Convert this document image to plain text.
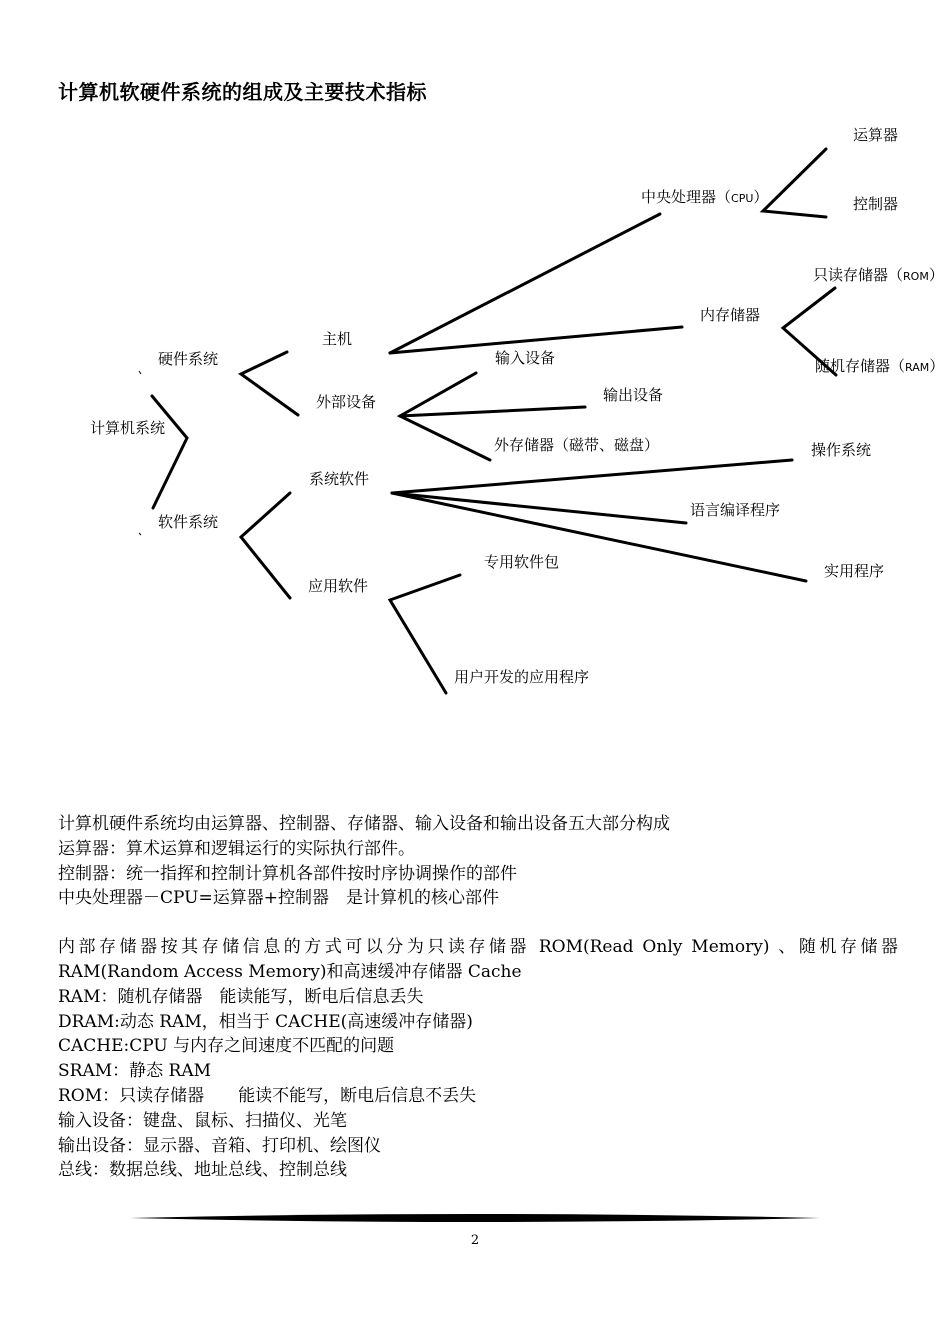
计算机软硬件系统的组成及主要技术指标
计算机系统
硬件系统
软件系统
主机
外部设备
中央处理器（CPU）
运算器
控制器
内存储器
只读存储器（ROM）
随机存储器（RAM）
输入设备
输出设备
外存储器（磁带、磁盘）
系统软件
操作系统
语言编译程序
实用程序
应用软件
专用软件包
用户开发的应用程序

计算机硬件系统均由运算器、控制器、存储器、输入设备和输出设备五大部分构成

运算器：算术运算和逻辑运行的实际执行部件。

控制器：统一指挥和控制计算机各部件按时序协调操作的部件

中央处理器－CPU=运算器+控制器　是计算机的核心部件

内部存储器按其存储信息的方式可以分为只读存储器 ROM(Read Only Memory) 、随机存储器 RAM(Random Access Memory)和高速缓冲存储器 Cache

RAM：随机存储器　能读能写，断电后信息丢失

DRAM:动态 RAM，相当于 CACHE(高速缓冲存储器)

CACHE:CPU 与内存之间速度不匹配的问题

SRAM：静态 RAM

ROM：只读存储器　　能读不能写，断电后信息不丢失

输入设备：键盘、鼠标、扫描仪、光笔

输出设备：显示器、音箱、打印机、绘图仪

总线：数据总线、地址总线、控制总线

2
